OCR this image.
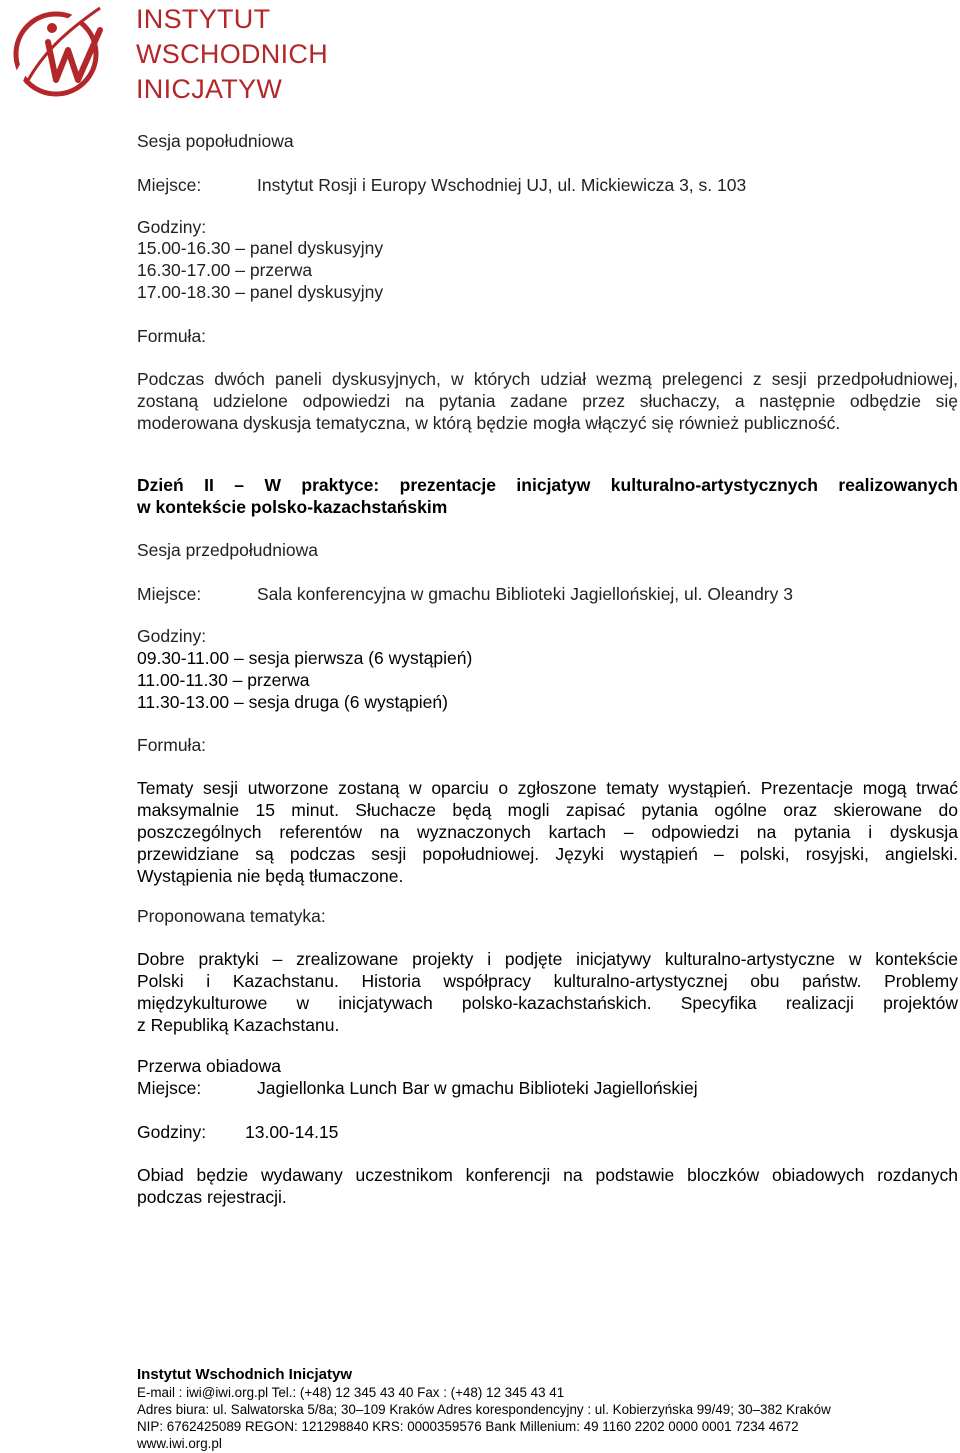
INSTYTUT
WSCHODNICH
INICJATYW
Sesja popołudniowa
Miejsce:	Instytut Rosji i Europy Wschodniej UJ, ul. Mickiewicza 3, s. 103
Godziny:
15.00-16.30 – panel dyskusyjny
16.30-17.00 – przerwa
17.00-18.30 – panel dyskusyjny
Formuła:
Podczas dwóch paneli dyskusyjnych, w których udział wezmą prelegenci z sesji przedpołudniowej,
zostaną udzielone odpowiedzi na pytania zadane przez słuchaczy, a następnie odbędzie się
moderowana dyskusja tematyczna, w którą będzie mogła włączyć się również publiczność.
Dzień II – W praktyce: prezentacje inicjatyw kulturalno-artystycznych realizowanych
w kontekście polsko-kazachstańskim
Sesja przedpołudniowa
Miejsce:	Sala konferencyjna w gmachu Biblioteki Jagiellońskiej, ul. Oleandry 3
Godziny:
09.30-11.00 – sesja pierwsza (6 wystąpień)
11.00-11.30 – przerwa
11.30-13.00 – sesja druga (6 wystąpień)
Formuła:
Tematy sesji utworzone zostaną w oparciu o zgłoszone tematy wystąpień. Prezentacje mogą trwać
maksymalnie 15 minut. Słuchacze będą mogli zapisać pytania ogólne oraz skierowane do
poszczególnych referentów na wyznaczonych kartach – odpowiedzi na pytania i dyskusja
przewidziane są podczas sesji popołudniowej. Języki wystąpień – polski, rosyjski, angielski.
Wystąpienia nie będą tłumaczone.
Proponowana tematyka:
Dobre praktyki – zrealizowane projekty i podjęte inicjatywy kulturalno-artystyczne w kontekście
Polski i Kazachstanu. Historia współpracy kulturalno-artystycznej obu państw. Problemy
międzykulturowe w inicjatywach polsko-kazachstańskich. Specyfika realizacji projektów
z Republiką Kazachstanu.
Przerwa obiadowa
Miejsce:	Jagiellonka Lunch Bar w gmachu Biblioteki Jagiellońskiej
Godziny: 13.00-14.15
Obiad będzie wydawany uczestnikom konferencji na podstawie bloczków obiadowych rozdanych
podczas rejestracji.
Instytut Wschodnich Inicjatyw
E-mail : iwi@iwi.org.pl Tel.: (+48) 12 345 43 40 Fax : (+48) 12 345 43 41
Adres biura: ul. Salwatorska 5/8a; 30–109 Kraków Adres korespondencyjny : ul. Kobierzyńska 99/49; 30–382 Kraków
NIP: 6762425089 REGON: 121298840 KRS: 0000359576 Bank Millenium: 49 1160 2202 0000 0001 7234 4672
www.iwi.org.pl
